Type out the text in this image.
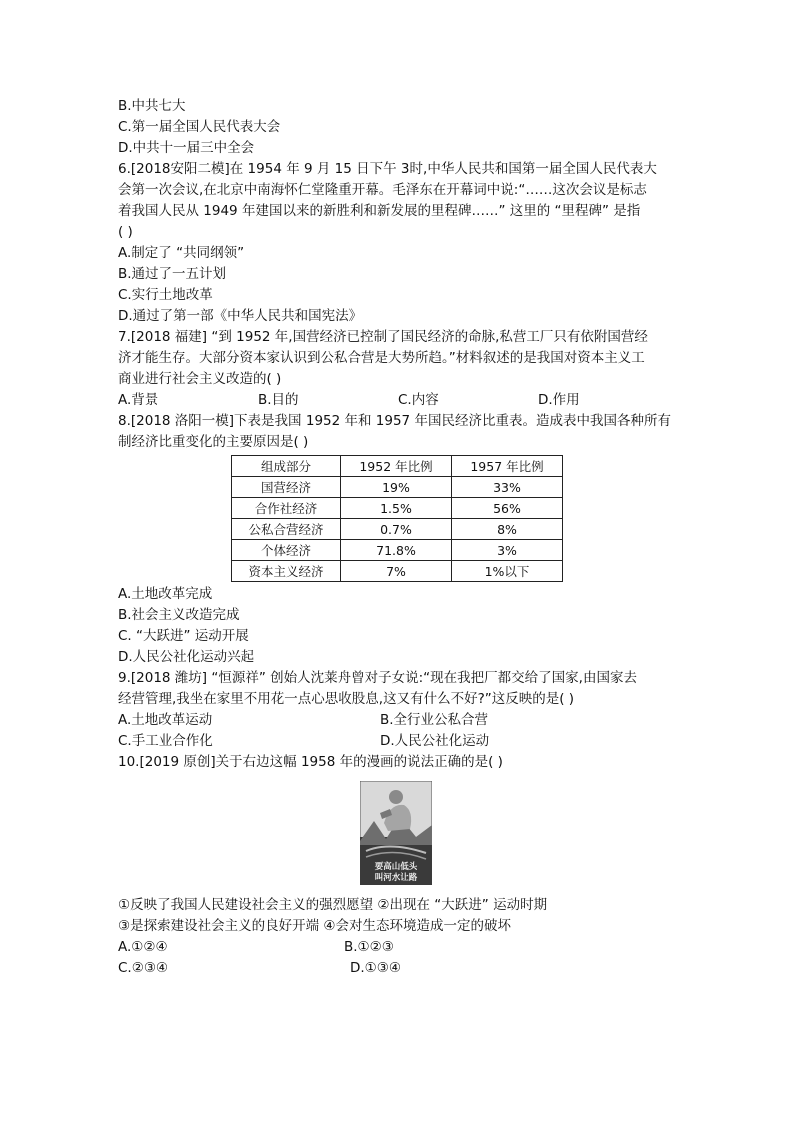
B.中共七大
C.第一届全国人民代表大会
D.中共十一届三中全会
6.[2018安阳二模]在 1954 年 9 月 15 日下午 3时,中华人民共和国第一届全国人民代表大
会第一次会议,在北京中南海怀仁堂隆重开幕。毛泽东在开幕词中说:“……这次会议是标志
着我国人民从 1949 年建国以来的新胜利和新发展的里程碑……” 这里的 “里程碑” 是指
( )
A.制定了 “共同纲领”
B.通过了一五计划
C.实行土地改革
D.通过了第一部《中华人民共和国宪法》
7.[2018 福建] “到 1952 年,国营经济已控制了国民经济的命脉,私营工厂只有依附国营经
济才能生存。大部分资本家认识到公私合营是大势所趋。”材料叙述的是我国对资本主义工
商业进行社会主义改造的( )
A.背景	B.目的	C.内容	D.作用
8.[2018 洛阳一模]下表是我国 1952 年和 1957 年国民经济比重表。造成表中我国各种所有
制经济比重变化的主要原因是( )
组成部分	1952 年比例	1957 年比例
国营经济	19%	33%
合作社经济	1.5%	56%
公私合营经济	0.7%	8%
个体经济	71.8%	3%
资本主义经济	7%	1%以下
A.土地改革完成
B.社会主义改造完成
C. “大跃进” 运动开展
D.人民公社化运动兴起
9.[2018 潍坊] “恒源祥” 创始人沈莱舟曾对子女说:“现在我把厂都交给了国家,由国家去
经营管理,我坐在家里不用花一点心思收股息,这又有什么不好?”这反映的是( )
A.土地改革运动	B.全行业公私合营
C.手工业合作化	D.人民公社化运动
10.[2019 原创]关于右边这幅 1958 年的漫画的说法正确的是( )
要高山低头
叫河水让路
①反映了我国人民建设社会主义的强烈愿望 ②出现在 “大跃进” 运动时期
③是探索建设社会主义的良好开端 ④会对生态环境造成一定的破坏
A.①②④	B.①②③
C.②③④	D.①③④
